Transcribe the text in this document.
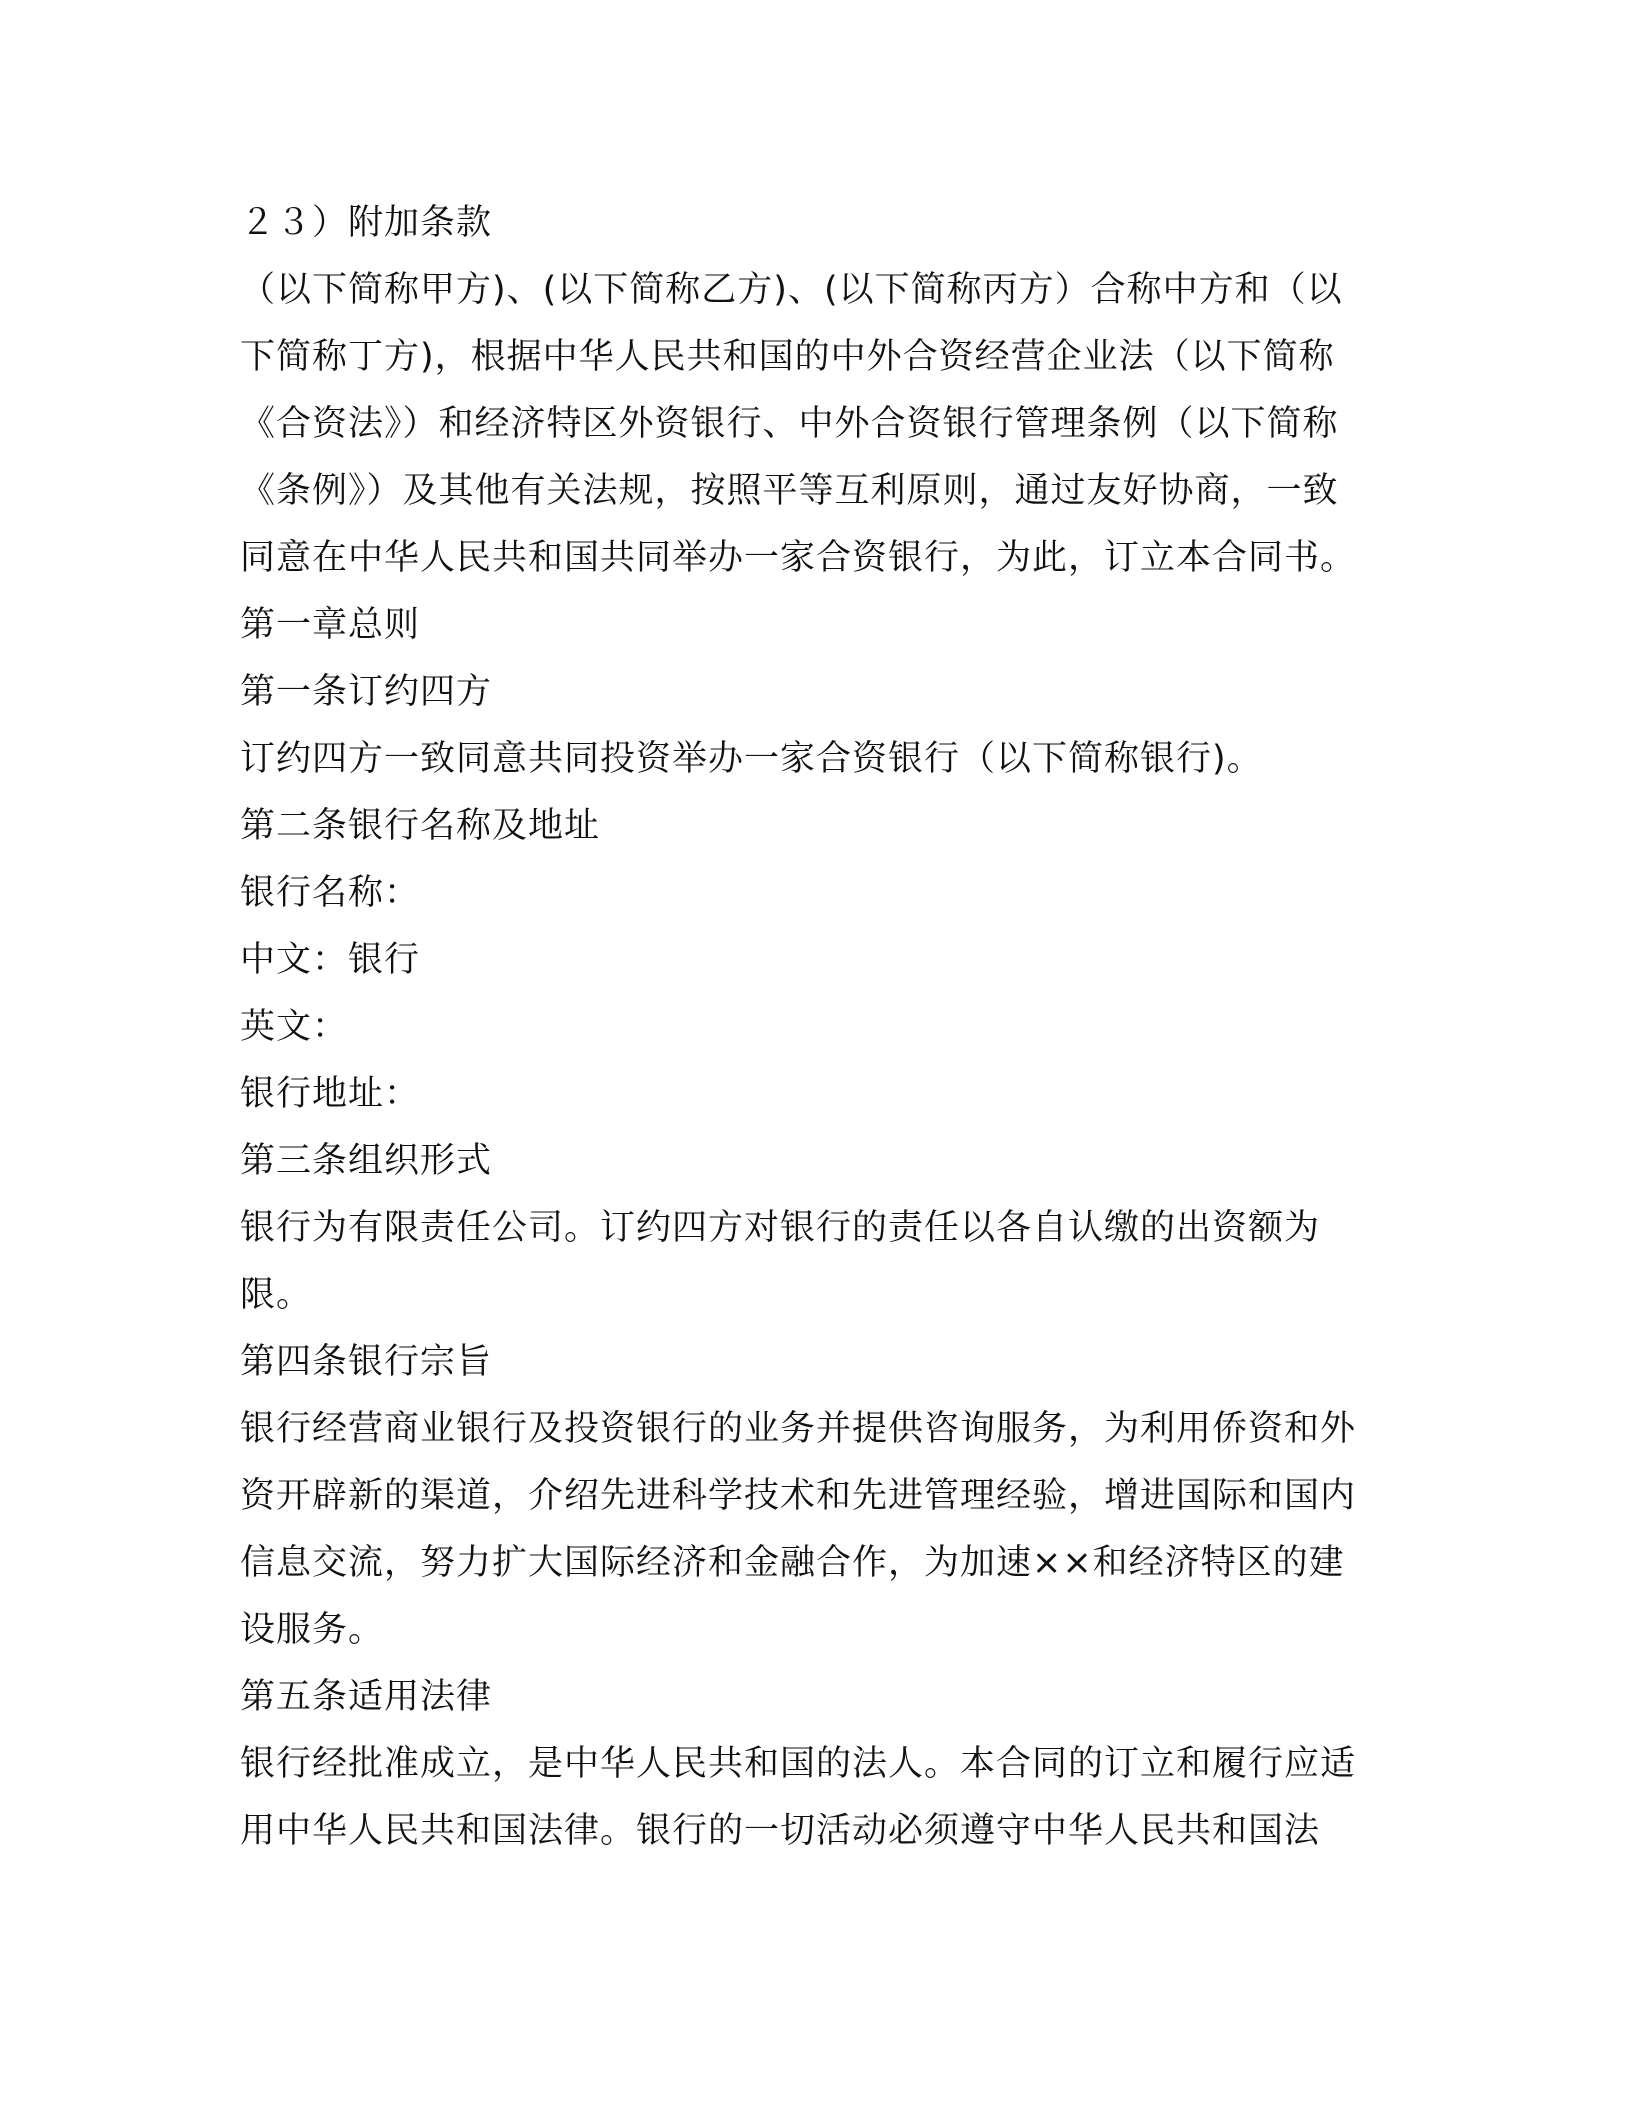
２３）附加条款
（以下简称甲方)、(以下简称乙方)、(以下简称丙方）合称中方和（以
下简称丁方)，根据中华人民共和国的中外合资经营企业法（以下简称
《合资法》）和经济特区外资银行、中外合资银行管理条例（以下简称
《条例》）及其他有关法规，按照平等互利原则，通过友好协商，一致
同意在中华人民共和国共同举办一家合资银行，为此，订立本合同书。
第一章总则
第一条订约四方
订约四方一致同意共同投资举办一家合资银行（以下简称银行)。
第二条银行名称及地址
银行名称：
中文：银行
英文：
银行地址：
第三条组织形式
银行为有限责任公司。订约四方对银行的责任以各自认缴的出资额为
限。
第四条银行宗旨
银行经营商业银行及投资银行的业务并提供咨询服务，为利用侨资和外
资开辟新的渠道，介绍先进科学技术和先进管理经验，增进国际和国内
信息交流，努力扩大国际经济和金融合作，为加速××和经济特区的建
设服务。
第五条适用法律
银行经批准成立，是中华人民共和国的法人。本合同的订立和履行应适
用中华人民共和国法律。银行的一切活动必须遵守中华人民共和国法
